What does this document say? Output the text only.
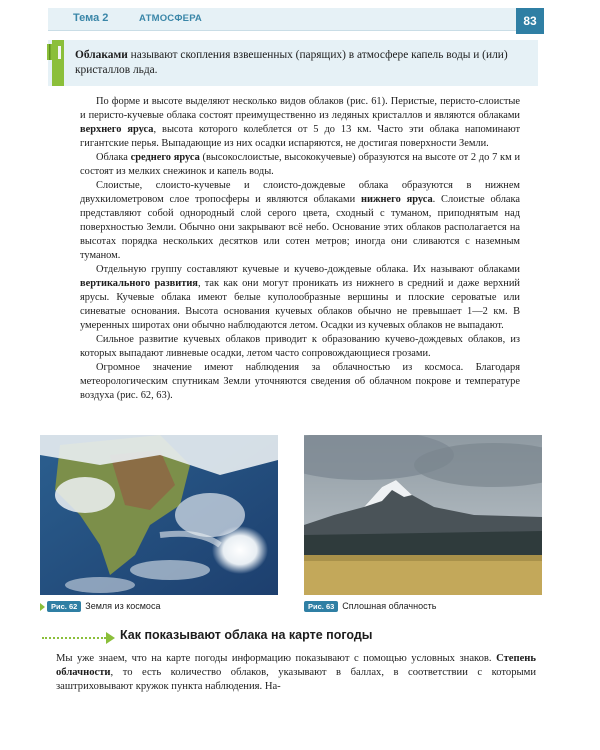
Тема 2	АТМОСФЕРА	83
Облаками называют скопления взвешенных (парящих) в атмосфере капель воды и (или) кристаллов льда.

По форме и высоте выделяют несколько видов облаков (рис. 61). Перистые, перисто-слоистые и перисто-кучевые облака состоят преимущественно из ледяных кристаллов и являются облаками верхнего яруса, высота которого колеблется от 5 до 13 км. Часто эти облака напоминают гигантские перья. Выпадающие из них осадки испаряются, не достигая поверхности Земли.

Облака среднего яруса (высокослоистые, высококучевые) образуются на высоте от 2 до 7 км и состоят из мелких снежинок и капель воды.

Слоистые, слоисто-кучевые и слоисто-дождевые облака образуются в нижнем двухкилометровом слое тропосферы и являются облаками нижнего яруса. Слоистые облака представляют собой однородный слой серого цвета, сходный с туманом, приподнятым над поверхностью Земли. Обычно они закрывают всё небо. Основание этих облаков располагается на высотах порядка нескольких десятков или сотен метров; иногда они сливаются с наземным туманом.

Отдельную группу составляют кучевые и кучево-дождевые облака. Их называют облаками вертикального развития, так как они могут проникать из нижнего в средний и даже верхний ярусы. Кучевые облака имеют белые куполообразные вершины и плоские сероватые или синеватые основания. Высота основания кучевых облаков обычно не превышает 1—2 км. В умеренных широтах они обычно наблюдаются летом. Осадки из кучевых облаков не выпадают.

Сильное развитие кучевых облаков приводит к образованию кучево-дождевых облаков, из которых выпадают ливневые осадки, летом часто сопровождающиеся грозами.

Огромное значение имеют наблюдения за облачностью из космоса. Благодаря метеорологическим спутникам Земли уточняются сведения об облачном покрове и температуре воздуха (рис. 62, 63).

Рис. 62 Земля из космоса	Рис. 63 Сплошная облачность
Как показывают облака на карте погоды

Мы уже знаем, что на карте погоды информацию показывают с помощью условных знаков. Степень облачности, то есть количество облаков, указывают в баллах, в соответствии с которыми заштриховывают кружок пункта наблюдения. На-
